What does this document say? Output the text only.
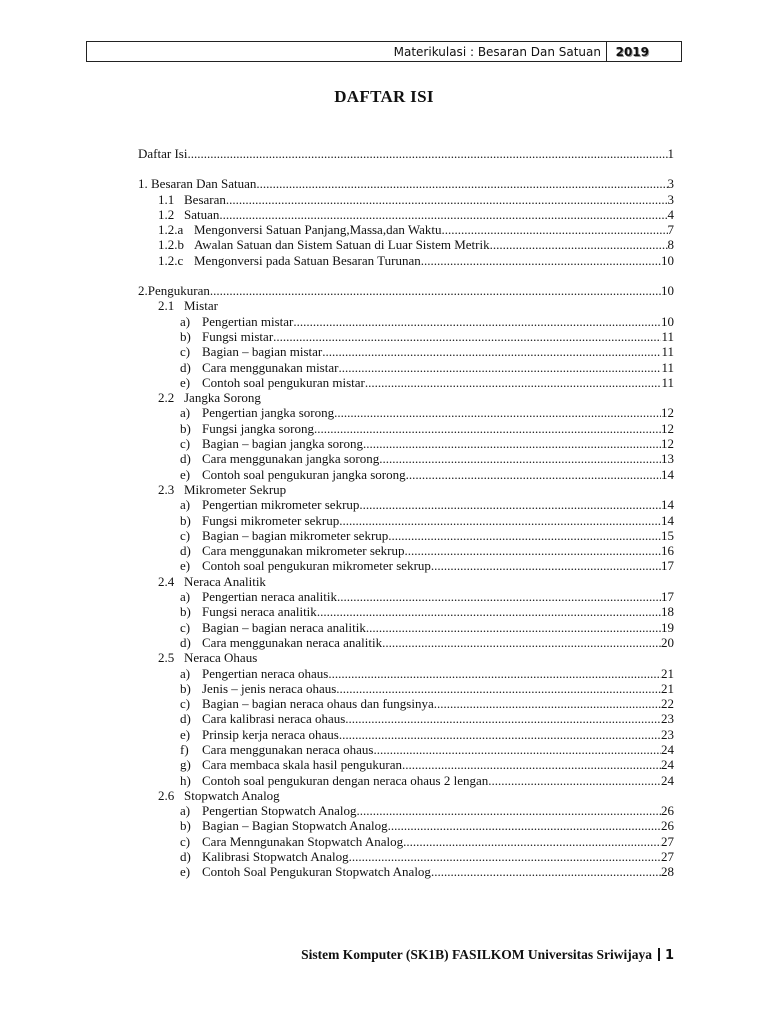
Materikulasi : Besaran Dan Satuan 2019
DAFTAR ISI
Daftar Isi .....	1
1. Besaran Dan Satuan .....	3
1.1 Besaran .....	3
1.2 Satuan .....	4
1.2.a Mengonversi Satuan Panjang,Massa,dan Waktu .....	7
1.2.b Awalan Satuan dan Sistem Satuan di Luar Sistem Metrik .....	8
1.2.c Mengonversi pada Satuan Besaran Turunan .....	10
2.Pengukuran .....	10
2.1 Mistar
a) Pengertian mistar .....	10
b) Fungsi mistar .....	11
c) Bagian – bagian mistar .....	11
d) Cara menggunakan mistar .....	11
e) Contoh soal pengukuran mistar .....	11
2.2 Jangka Sorong
a) Pengertian jangka sorong .....	12
b) Fungsi jangka sorong .....	12
c) Bagian – bagian jangka sorong .....	12
d) Cara menggunakan jangka sorong .....	13
e) Contoh soal pengukuran jangka sorong .....	14
2.3 Mikrometer Sekrup
a) Pengertian mikrometer sekrup .....	14
b) Fungsi mikrometer sekrup .....	14
c) Bagian – bagian mikrometer sekrup .....	15
d) Cara menggunakan mikrometer sekrup .....	16
e) Contoh soal pengukuran mikrometer sekrup .....	17
2.4 Neraca Analitik
a) Pengertian neraca analitik .....	17
b) Fungsi neraca analitik .....	18
c) Bagian – bagian neraca analitik .....	19
d) Cara menggunakan neraca analitik .....	20
2.5 Neraca Ohaus
a) Pengertian neraca ohaus .....	21
b) Jenis – jenis neraca ohaus .....	21
c) Bagian – bagian neraca ohaus dan fungsinya .....	22
d) Cara kalibrasi neraca ohaus .....	23
e) Prinsip kerja neraca ohaus .....	23
f) Cara menggunakan neraca ohaus .....	24
g) Cara membaca skala hasil pengukuran .....	24
h) Contoh soal pengukuran dengan neraca ohaus 2 lengan .....	24
2.6 Stopwatch Analog
a) Pengertian Stopwatch Analog .....	26
b) Bagian – Bagian Stopwatch Analog .....	26
c) Cara Menngunakan Stopwatch Analog .....	27
d) Kalibrasi Stopwatch Analog .....	27
e) Contoh Soal Pengukuran Stopwatch Analog .....	28
Sistem Komputer (SK1B) FASILKOM Universitas Sriwijaya 1
